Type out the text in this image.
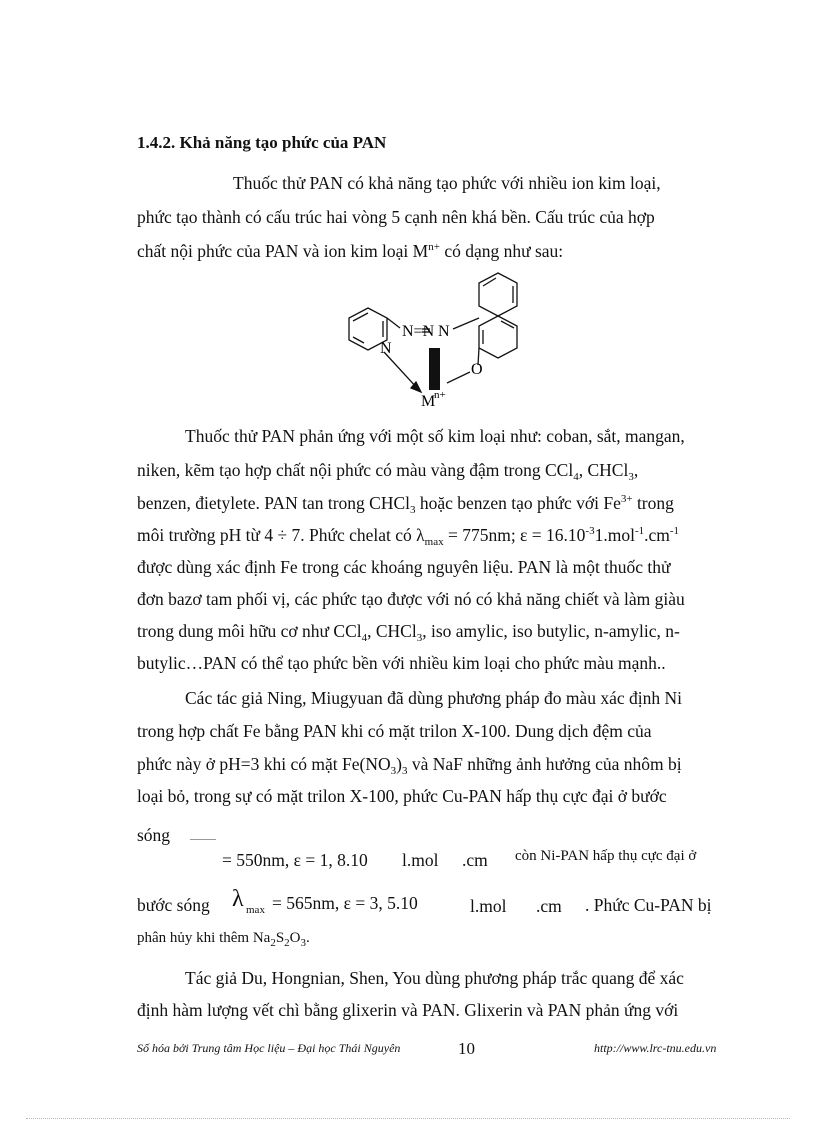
1.4.2. Khả năng tạo phức của PAN
Thuốc thử PAN có khả năng tạo phức với nhiều ion kim loại,
phức tạo thành có cấu trúc hai vòng 5 cạnh nên khá bền. Cấu trúc của hợp
chất nội phức của PAN và ion kim loại $M^{n+}$ có dạng như sau:
N
N=N N
O
M
n+
Thuốc thử PAN phản ứng với một số kim loại như: coban, sắt, mangan,
niken, kẽm tạo hợp chất nội phức có màu vàng đậm trong CCl$_4$, CHCl$_3$,
benzen, đietylete. PAN tan trong CHCl$_3$ hoặc benzen tạo phức với $Fe^{3+}$ trong
môi trường pH từ 4 ÷ 7. Phức chelat có $\lambda_{max} = 775nm$; $\varepsilon = 16.10^{-3}1.mol^{-1}.cm^{-1}$
được dùng xác định Fe trong các khoáng nguyên liệu. PAN là một thuốc thử
đơn bazơ tam phối vị, các phức tạo được với nó có khả năng chiết và làm giàu
trong dung môi hữu cơ như CCl$_4$, CHCl$_3$, iso amylic, iso butylic, n-amylic, n-
butylic…PAN có thể tạo phức bền với nhiều kim loại cho phức màu mạnh..
Các tác giả Ning, Miugyuan đã dùng phương pháp đo màu xác định Ni
trong hợp chất Fe bằng PAN khi có mặt trilon X-100. Dung dịch đệm của
phức này ở pH=3 khi có mặt $Fe(NO_3)_3$ và NaF những ảnh hưởng của nhôm bị
loại bỏ, trong sự có mặt trilon X-100, phức Cu-PAN hấp thụ cực đại ở bước
sóng
= 550nm, ε = 1, 8.10 l.mol .cm còn Ni-PAN hấp thụ cực đại ở
bước sóng λ max = 565nm, ε = 3, 5.10	l.mol .cm . Phức Cu-PAN bị
phân hủy khi thêm $Na_2S_2O_3$.
Tác giả Du, Hongnian, Shen, You dùng phương pháp trắc quang để xác
định hàm lượng vết chì bằng glixerin và PAN. Glixerin và PAN phản ứng với
Số hóa bởi Trung tâm Học liệu – Đại học Thái Nguyên	10	http://www.lrc-tnu.edu.vn
